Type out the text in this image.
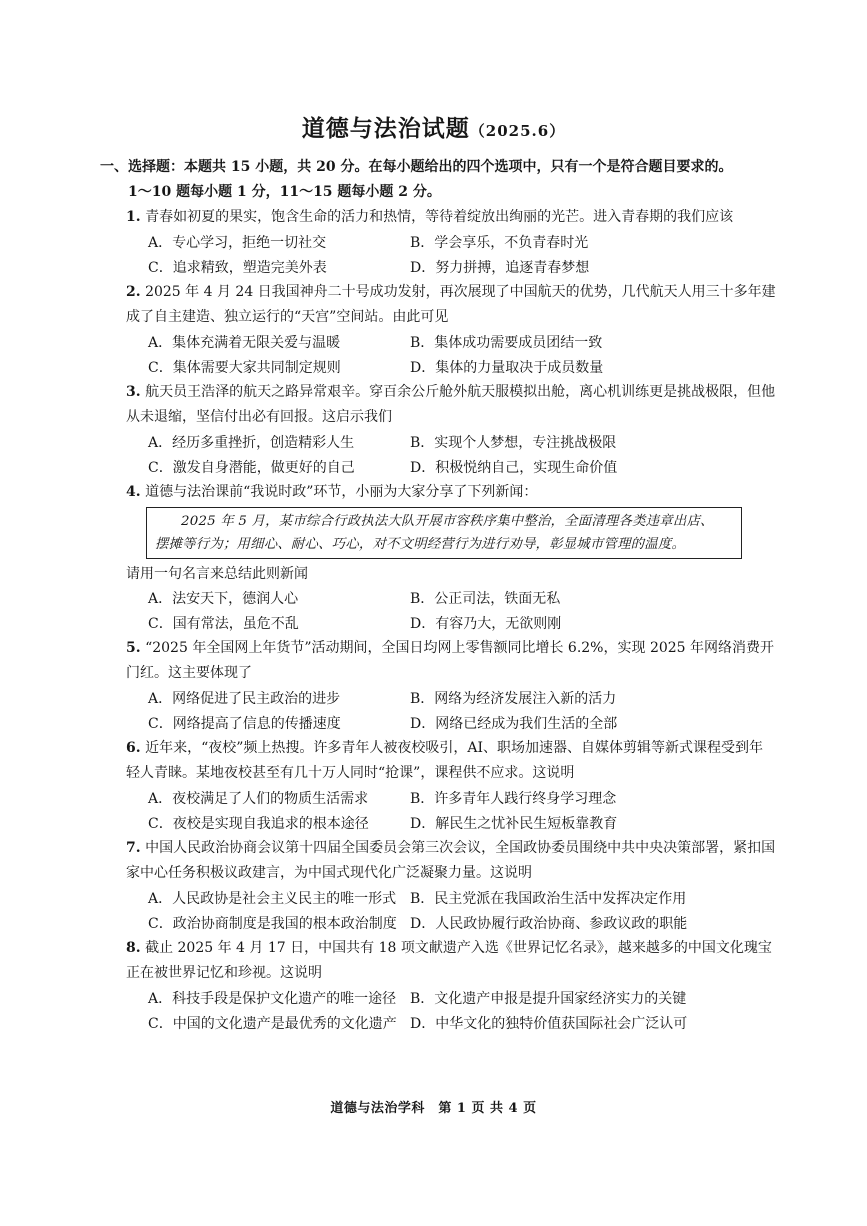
道德与法治试题（2025.6）
一、选择题：本题共 15 小题，共 20 分。在每小题给出的四个选项中，只有一个是符合题目要求的。
1～10 题每小题 1 分，11～15 题每小题 2 分。
1. 青春如初夏的果实，饱含生命的活力和热情，等待着绽放出绚丽的光芒。进入青春期的我们应该
A．专心学习，拒绝一切社交	B．学会享乐，不负青春时光
C．追求精致，塑造完美外表	D．努力拼搏，追逐青春梦想
2. 2025 年 4 月 24 日我国神舟二十号成功发射，再次展现了中国航天的优势，几代航天人用三十多年建成了自主建造、独立运行的“天宫”空间站。由此可见
A．集体充满着无限关爱与温暖	B．集体成功需要成员团结一致
C．集体需要大家共同制定规则	D．集体的力量取决于成员数量
3. 航天员王浩泽的航天之路异常艰辛。穿百余公斤舱外航天服模拟出舱，离心机训练更是挑战极限，但他从未退缩，坚信付出必有回报。这启示我们
A．经历多重挫折，创造精彩人生	B．实现个人梦想，专注挑战极限
C．激发自身潜能，做更好的自己	D．积极悦纳自己，实现生命价值
4. 道德与法治课前“我说时政”环节，小丽为大家分享了下列新闻：
2025 年 5 月，某市综合行政执法大队开展市容秩序集中整治，全面清理各类违章出店、
摆摊等行为；用细心、耐心、巧心，对不文明经营行为进行劝导，彰显城市管理的温度。
请用一句名言来总结此则新闻
A．法安天下，德润人心	B．公正司法，铁面无私
C．国有常法，虽危不乱	D．有容乃大，无欲则刚
5. “2025 年全国网上年货节”活动期间，全国日均网上零售额同比增长 6.2%，实现 2025 年网络消费开门红。这主要体现了
A．网络促进了民主政治的进步	B．网络为经济发展注入新的活力
C．网络提高了信息的传播速度	D．网络已经成为我们生活的全部
6. 近年来，“夜校”频上热搜。许多青年人被夜校吸引，AI、职场加速器、自媒体剪辑等新式课程受到年轻人青睐。某地夜校甚至有几十万人同时“抢课”，课程供不应求。这说明
A．夜校满足了人们的物质生活需求	B．许多青年人践行终身学习理念
C．夜校是实现自我追求的根本途径	D．解民生之忧补民生短板靠教育
7. 中国人民政治协商会议第十四届全国委员会第三次会议，全国政协委员围绕中共中央决策部署，紧扣国家中心任务积极议政建言，为中国式现代化广泛凝聚力量。这说明
A．人民政协是社会主义民主的唯一形式 B．民主党派在我国政治生活中发挥决定作用
C．政治协商制度是我国的根本政治制度 D．人民政协履行政治协商、参政议政的职能
8. 截止 2025 年 4 月 17 日，中国共有 18 项文献遗产入选《世界记忆名录》，越来越多的中国文化瑰宝正在被世界记忆和珍视。这说明
A．科技手段是保护文化遗产的唯一途径 B．文化遗产申报是提升国家经济实力的关键
C．中国的文化遗产是最优秀的文化遗产 D．中华文化的独特价值获国际社会广泛认可
道德与法治学科　第 1 页 共 4 页
